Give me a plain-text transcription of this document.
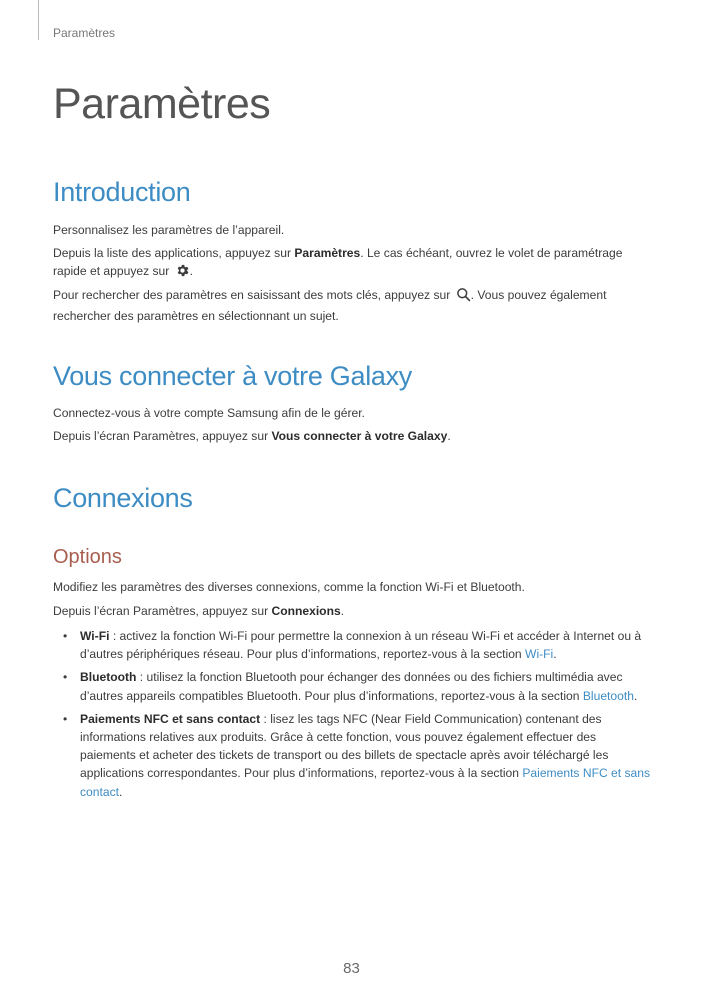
Paramètres
Paramètres
Introduction

Personnalisez les paramètres de l’appareil.

Depuis la liste des applications, appuyez sur Paramètres. Le cas échéant, ouvrez le volet de paramétrage rapide et appuyez sur .

Pour rechercher des paramètres en saisissant des mots clés, appuyez sur . Vous pouvez également rechercher des paramètres en sélectionnant un sujet.

Vous connecter à votre Galaxy

Connectez-vous à votre compte Samsung afin de le gérer.

Depuis l’écran Paramètres, appuyez sur Vous connecter à votre Galaxy.

Connexions
Options

Modifiez les paramètres des diverses connexions, comme la fonction Wi-Fi et Bluetooth.

Depuis l’écran Paramètres, appuyez sur Connexions.

• Wi-Fi : activez la fonction Wi-Fi pour permettre la connexion à un réseau Wi-Fi et accéder à Internet ou à d’autres périphériques réseau. Pour plus d’informations, reportez-vous à la section Wi-Fi.
• Bluetooth : utilisez la fonction Bluetooth pour échanger des données ou des fichiers multimédia avec d’autres appareils compatibles Bluetooth. Pour plus d’informations, reportez-vous à la section Bluetooth.
• Paiements NFC et sans contact : lisez les tags NFC (Near Field Communication) contenant des informations relatives aux produits. Grâce à cette fonction, vous pouvez également effectuer des paiements et acheter des tickets de transport ou des billets de spectacle après avoir téléchargé les applications correspondantes. Pour plus d’informations, reportez-vous à la section Paiements NFC et sans contact.
83
